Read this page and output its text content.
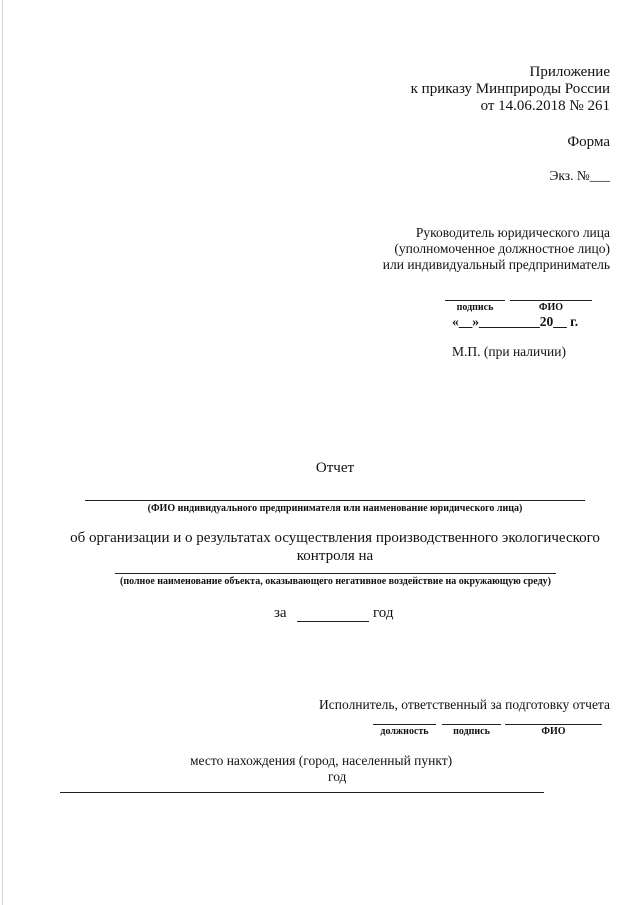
Приложение
к приказу Минприроды России
от 14.06.2018 № 261
Форма
Экз. №___
Руководитель юридического лица
(уполномоченное должностное лицо)
или индивидуальный предприниматель
подпись	ФИО
«__»_________20__ г.
М.П. (при наличии)
Отчет
(ФИО индивидуального предпринимателя или наименование юридического лица)
об организации и о результатах осуществления производственного экологического
контроля на
(полное наименование объекта, оказывающего негативное воздействие на окружающую среду)
за	год
Исполнитель, ответственный за подготовку отчета
должность	подпись	ФИО
место нахождения (город, населенный пункт)
год
